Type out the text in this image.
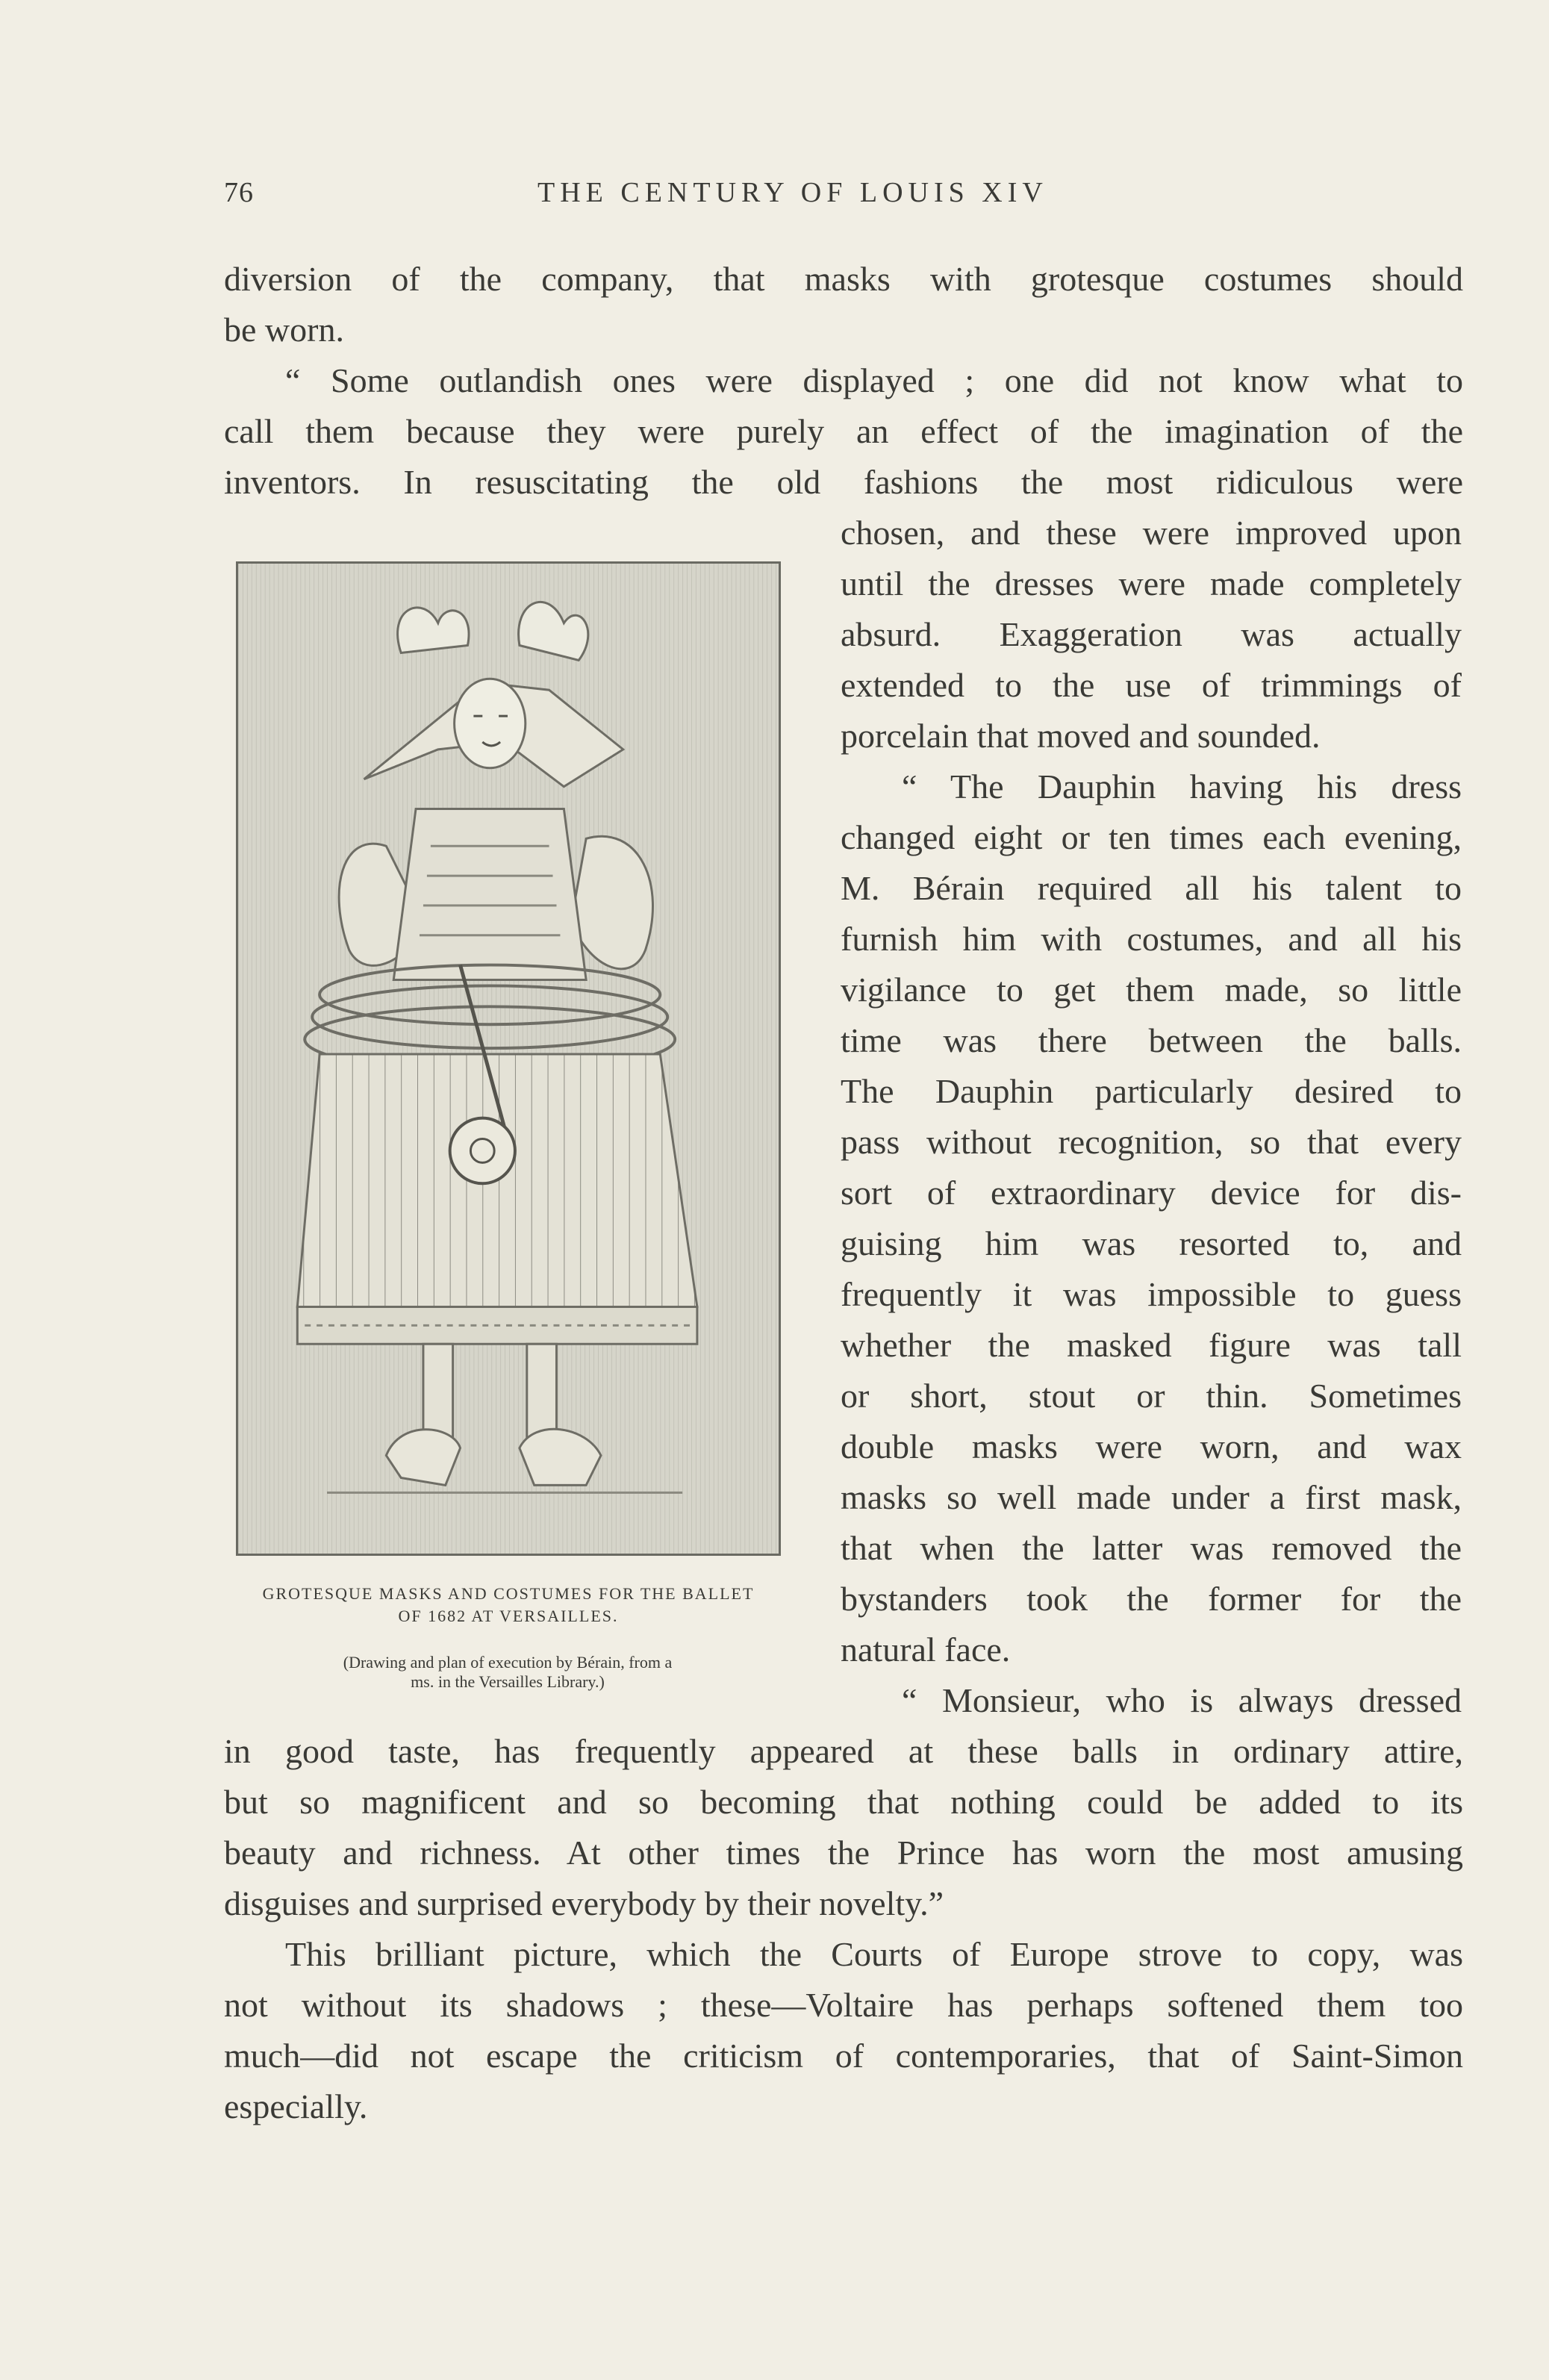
76	THE CENTURY OF LOUIS XIV
diversion of the company, that masks with grotesque costumes should
be worn.
“ Some outlandish ones were displayed ; one did not know what to
call them because they were purely an effect of the imagination of the
inventors. In resuscitating the old fashions the most ridiculous were
chosen, and these were improved upon
until the dresses were made completely
absurd. Exaggeration was actually
extended to the use of trimmings of
porcelain that moved and sounded.
“ The Dauphin having his dress
changed eight or ten times each evening,
M. Bérain required all his talent to
furnish him with costumes, and all his
vigilance to get them made, so little
time was there between the balls.
The Dauphin particularly desired to
pass without recognition, so that every
sort of extraordinary device for dis-
guising him was resorted to, and
frequently it was impossible to guess
whether the masked figure was tall
or short, stout or thin. Sometimes
double masks were worn, and wax
masks so well made under a first mask,
that when the latter was removed the
bystanders took the former for the
natural face.
“ Monsieur, who is always dressed
in good taste, has frequently appeared at these balls in ordinary attire,
but so magnificent and so becoming that nothing could be added to its
beauty and richness. At other times the Prince has worn the most amusing
disguises and surprised everybody by their novelty.”
This brilliant picture, which the Courts of Europe strove to copy, was
not without its shadows ; these—Voltaire has perhaps softened them too
much—did not escape the criticism of contemporaries, that of Saint-Simon
especially.
GROTESQUE MASKS AND COSTUMES FOR THE BALLET
OF 1682 AT VERSAILLES.
(Drawing and plan of execution by Bérain, from a
ms. in the Versailles Library.)
